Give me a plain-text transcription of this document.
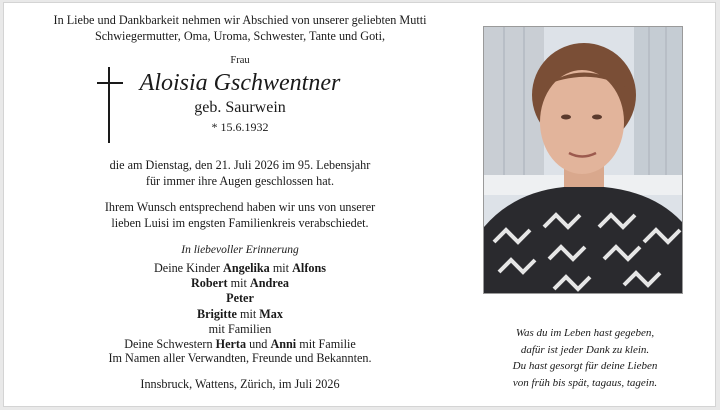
In Liebe und Dankbarkeit nehmen wir Abschied von unserer geliebten Mutti

Schwiegermutter, Oma, Uroma, Schwester, Tante und Goti,

Frau
Aloisia Gschwentner
geb. Saurwein
* 15.6.1932
die am Dienstag, den 21. Juli 2026 im 95. Lebensjahr
für immer ihre Augen geschlossen hat.
Ihrem Wunsch entsprechend haben wir uns von unserer
lieben Luisi im engsten Familienkreis verabschiedet.
In liebevoller Erinnerung
Deine Kinder Angelika mit Alfons
Robert mit Andrea
Peter
Brigitte mit Max
mit Familien
Deine Schwestern Herta und Anni mit Familie
Im Namen aller Verwandten, Freunde und Bekannten.
Innsbruck, Wattens, Zürich, im Juli 2026
Was du im Leben hast gegeben,
dafür ist jeder Dank zu klein.
Du hast gesorgt für deine Lieben
von früh bis spät, tagaus, tagein.
